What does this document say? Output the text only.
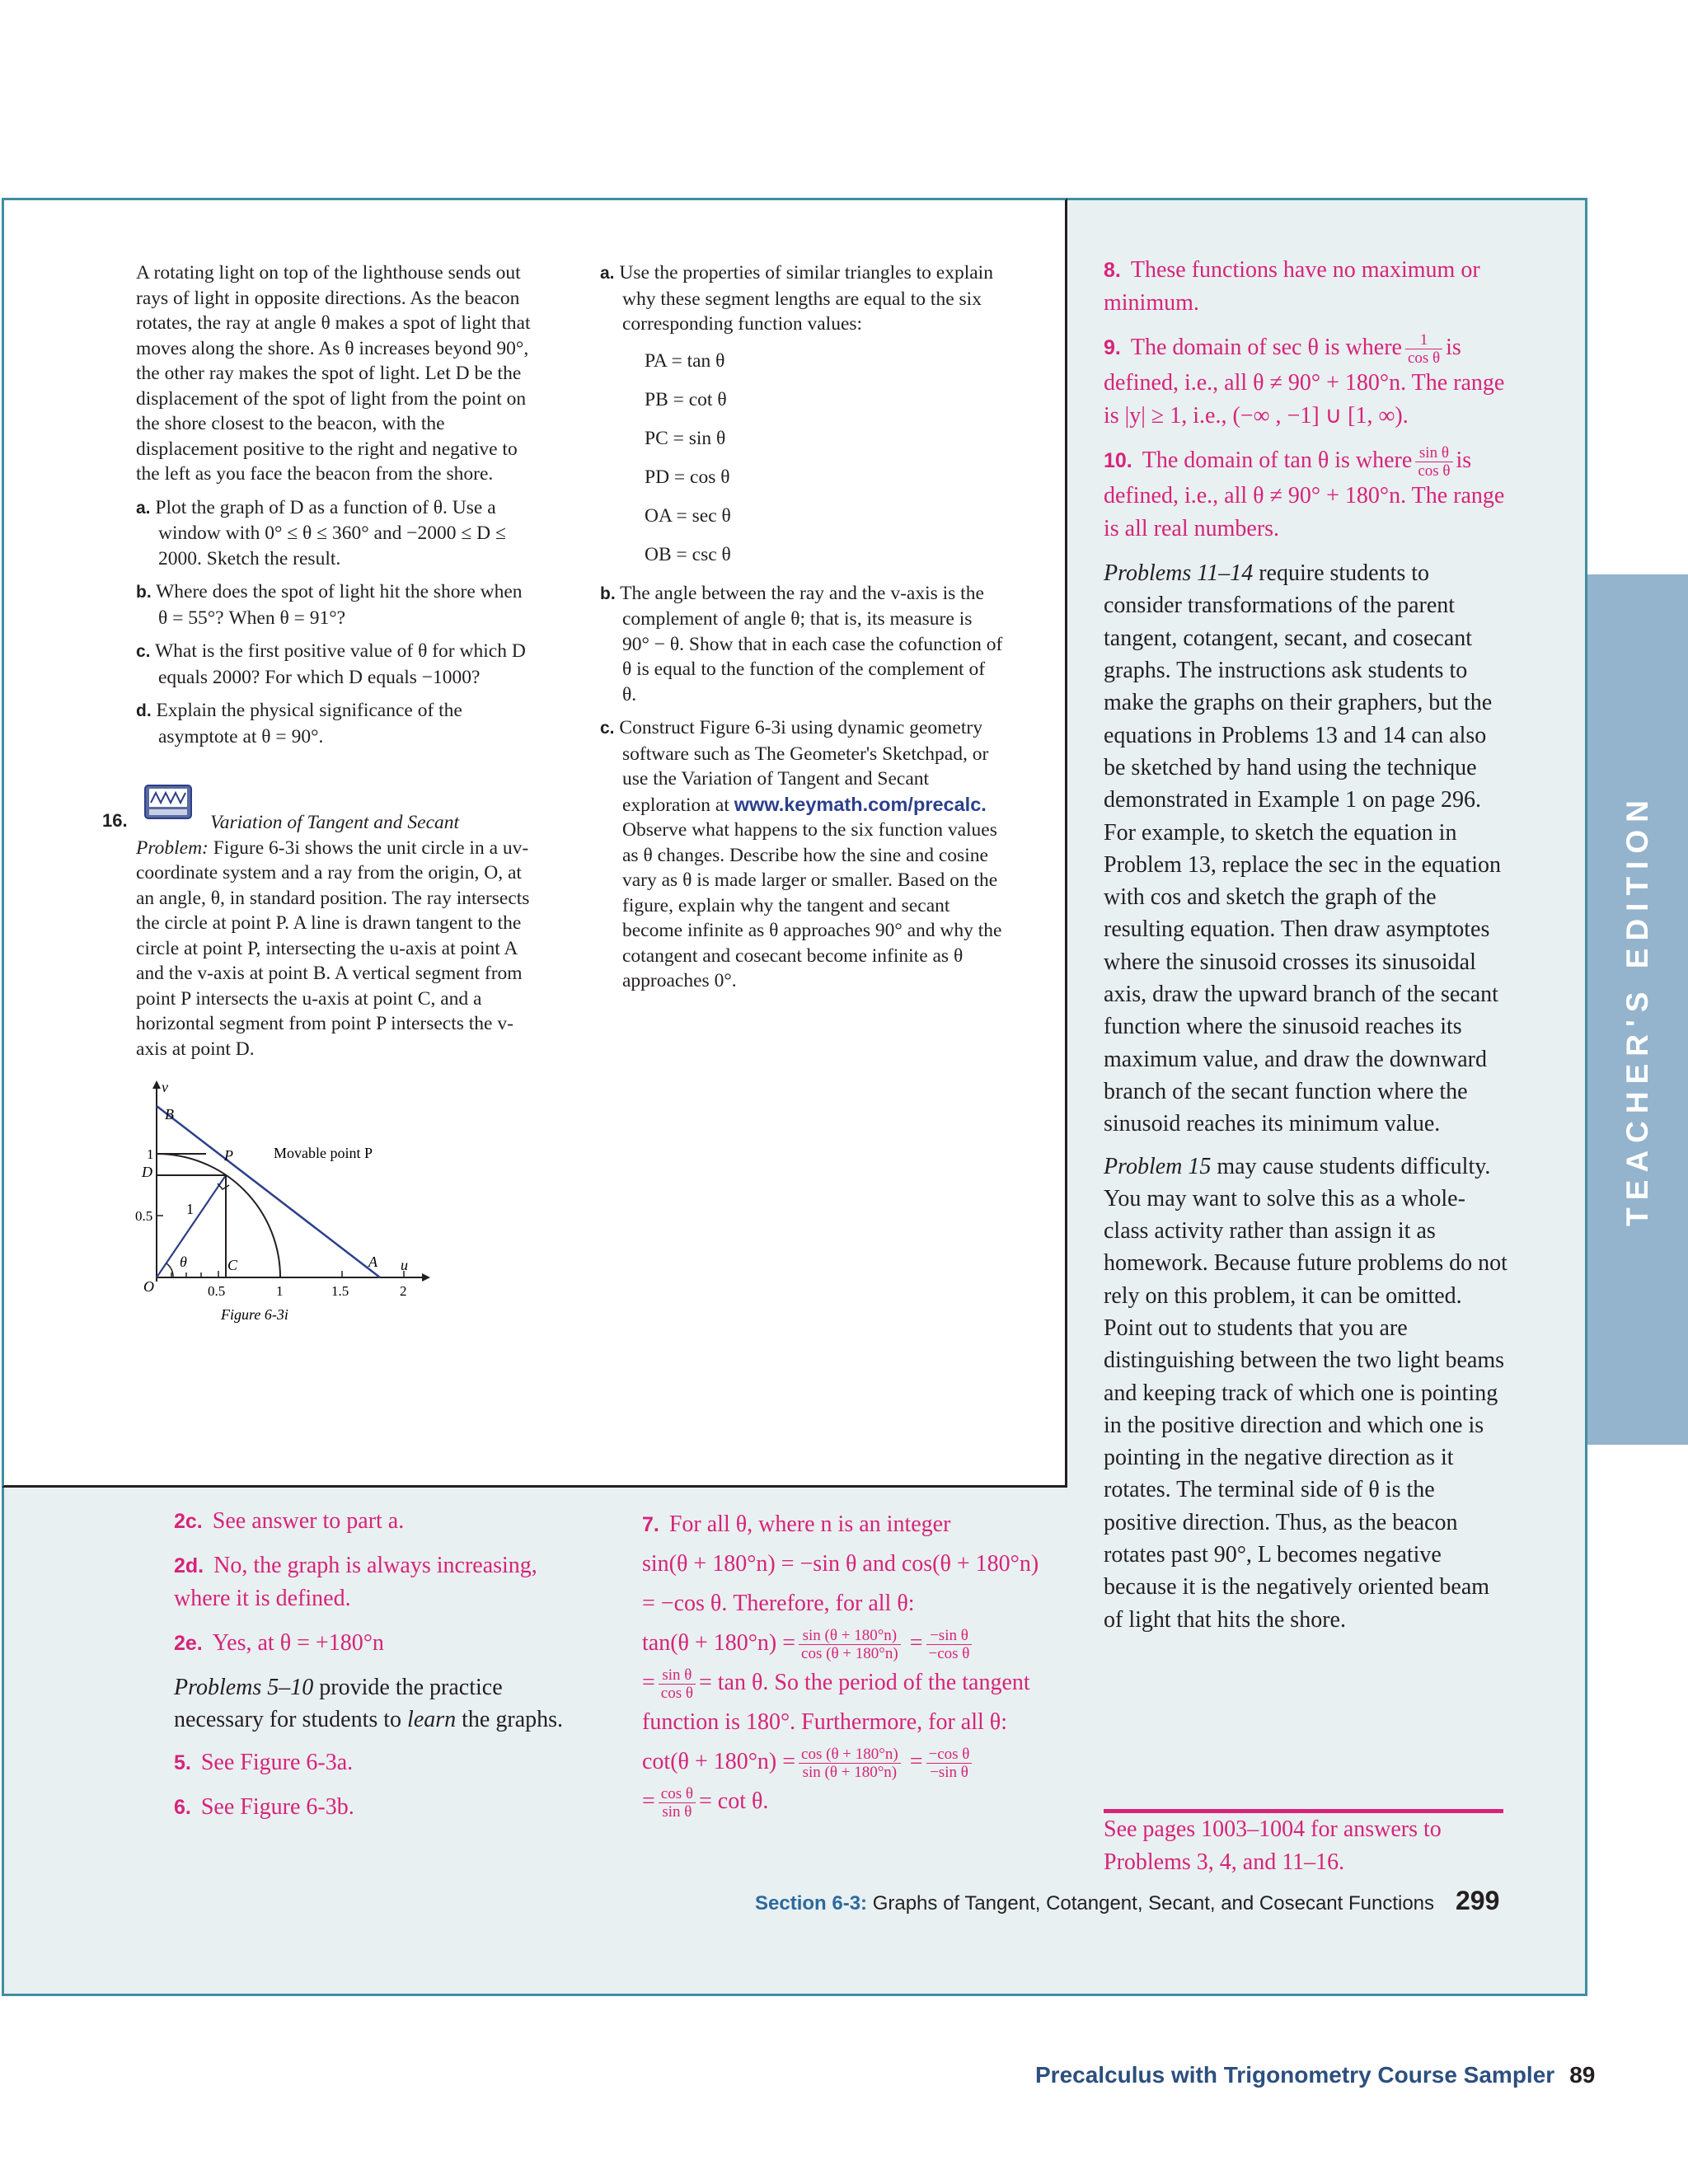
TEACHER'S EDITION

A rotating light on top of the lighthouse sends out rays of light in opposite directions. As the beacon rotates, the ray at angle θ makes a spot of light that moves along the shore. As θ increases beyond 90°, the other ray makes the spot of light. Let D be the displacement of the spot of light from the point on the shore closest to the beacon, with the displacement positive to the right and negative to the left as you face the beacon from the shore.

a. Plot the graph of D as a function of θ. Use a window with 0° ≤ θ ≤ 360° and −2000 ≤ D ≤ 2000. Sketch the result.

b. Where does the spot of light hit the shore when θ = 55°? When θ = 91°?

c. What is the first positive value of θ for which D equals 2000? For which D equals −1000?

d. Explain the physical significance of the asymptote at θ = 90°.

16.	Variation of Tangent and Secant
Problem: Figure 6-3i shows the unit circle in a uv-coordinate system and a ray from the origin, O, at an angle, θ, in standard position. The ray intersects the circle at point P. A line is drawn tangent to the circle at point P, intersecting the u-axis at point A and the v-axis at point B. A vertical segment from point P intersects the u-axis at point C, and a horizontal segment from point P intersects the v-axis at point D.

v
u
B
P
D
C	A
O
θ
1
Movable point P
1
0.5
0.5	1	1.5	2
Figure 6-3i

a. Use the properties of similar triangles to explain why these segment lengths are equal to the six corresponding function values:

PA = tan θ
PB = cot θ
PC = sin θ
PD = cos θ
OA = sec θ
OB = csc θ

b. The angle between the ray and the v-axis is the complement of angle θ; that is, its measure is 90° − θ. Show that in each case the cofunction of θ is equal to the function of the complement of θ.

c. Construct Figure 6-3i using dynamic geometry software such as The Geometer's Sketchpad, or use the Variation of Tangent and Secant exploration at www.keymath.com/precalc. Observe what happens to the six function values as θ changes. Describe how the sine and cosine vary as θ is made larger or smaller. Based on the figure, explain why the tangent and secant become infinite as θ approaches 90° and why the cotangent and cosecant become infinite as θ approaches 0°.

8. These functions have no maximum or minimum.

9. The domain of sec θ is where $\frac{1}{\text{cos θ}}$ is defined, i.e., all θ ≠ 90° + 180°n. The range is |y| ≥ 1, i.e., (−∞ , −1] ∪ [1, ∞).

10. The domain of tan θ is where $\frac{\text{sin θ}}{\text{cos θ}}$ is defined, i.e., all θ ≠ 90° + 180°n. The range is all real numbers.

Problems 11–14 require students to consider transformations of the parent tangent, cotangent, secant, and cosecant graphs. The instructions ask students to make the graphs on their graphers, but the equations in Problems 13 and 14 can also be sketched by hand using the technique demonstrated in Example 1 on page 296. For example, to sketch the equation in Problem 13, replace the sec in the equation with cos and sketch the graph of the resulting equation. Then draw asymptotes where the sinusoid crosses its sinusoidal axis, draw the upward branch of the secant function where the sinusoid reaches its maximum value, and draw the downward branch of the secant function where the sinusoid reaches its minimum value.

Problem 15 may cause students difficulty. You may want to solve this as a whole-class activity rather than assign it as homework. Because future problems do not rely on this problem, it can be omitted. Point out to students that you are distinguishing between the two light beams and keeping track of which one is pointing in the positive direction and which one is pointing in the negative direction as it rotates. The terminal side of θ is the positive direction. Thus, as the beacon rotates past 90°, L becomes negative because it is the negatively oriented beam of light that hits the shore.

See pages 1003–1004 for answers to Problems 3, 4, and 11–16.

2c. See answer to part a.

2d. No, the graph is always increasing, where it is defined.

2e. Yes, at θ = +180°n

Problems 5–10 provide the practice necessary for students to learn the graphs.

5. See Figure 6-3a.

6. See Figure 6-3b.

7. For all θ, where n is an integer
sin(θ + 180°n) = −sin θ and cos(θ + 180°n)
= −cos θ. Therefore, for all θ:
$\tan(\theta + 180^\circ n) = \frac{\sin (\theta + 180^\circ n)}{\cos (\theta + 180^\circ n)} = \frac{\text{−sin θ}}{\text{−cos θ}}$
= $\frac{\text{sin θ}}{\text{cos θ}} = \tan \theta$. So the period of the tangent
function is 180°. Furthermore, for all θ:
$\cot(\theta + 180^\circ n) = \frac{\cos (\theta + 180^\circ n)}{\sin (\theta + 180^\circ n)} = \frac{\text{−cos θ}}{\text{−sin θ}}$
= $\frac{\text{cos θ}}{\text{sin θ}} = \cot \theta$.
Section 6-3: Graphs of Tangent, Cotangent, Secant, and Cosecant Functions 299
Precalculus with Trigonometry Course Sampler 89
